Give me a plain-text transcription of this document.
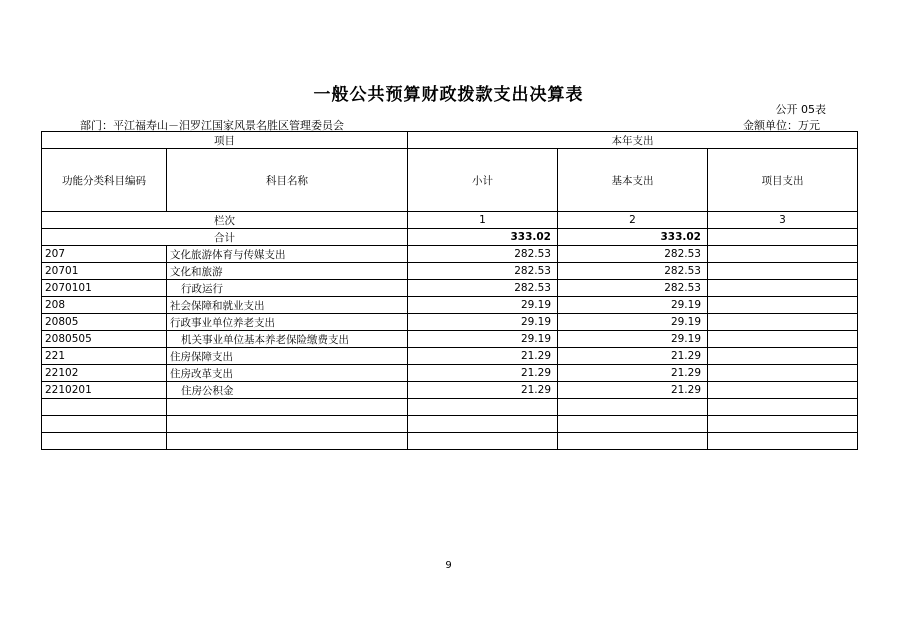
一般公共预算财政拨款支出决算表
公开 05表
部门：平江福寿山－汨罗江国家风景名胜区管理委员会	金额单位：万元
项目		本年支出		
功能分类科目编码	科目名称	小计	基本支出	项目支出
栏次		1	2	3
合计		333.02	333.02	
207	文化旅游体育与传媒支出	282.53	282.53	
20701	文化和旅游	282.53	282.53	
2070101	行政运行	282.53	282.53	
208	社会保障和就业支出	29.19	29.19	
20805	行政事业单位养老支出	29.19	29.19	
2080505	机关事业单位基本养老保险缴费支出	29.19	29.19	
221	住房保障支出	21.29	21.29	
22102	住房改革支出	21.29	21.29	
2210201	住房公积金	21.29	21.29	

9
